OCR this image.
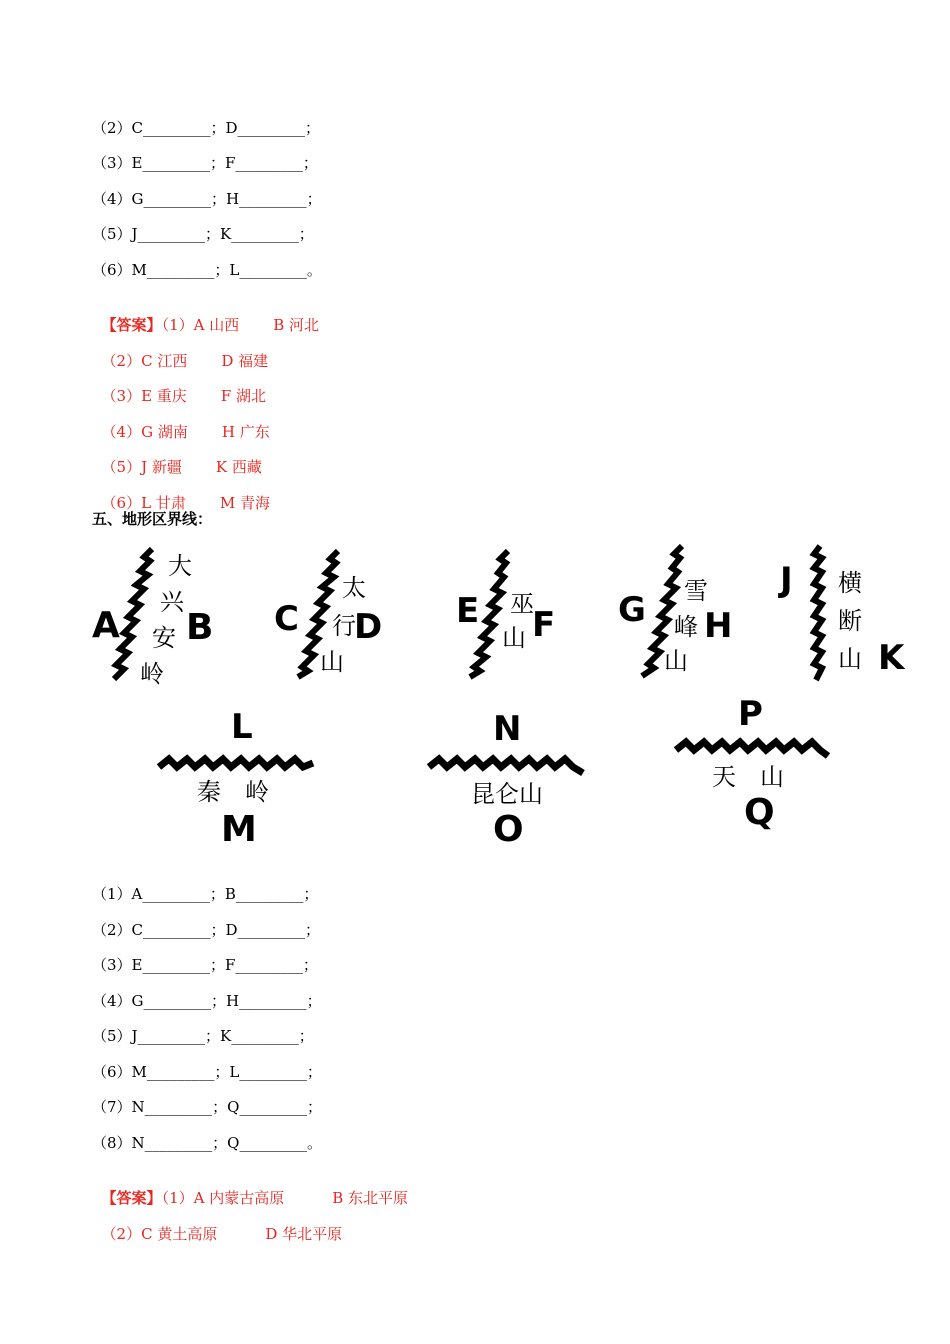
（2）C_________；D_________；
（3）E_________；F_________；
（4）G_________；H_________；
（5）J_________；K_________；
（6）M_________；L_________。

【答案】（1）A 山西 B 河北

（2）C 江西 D 福建

（3）E 重庆 F 湖北

（4）G 湖南 H 广东

（5）J 新疆 K 西藏

（6）L 甘肃 M 青海

五、地形区界线：
A B
大
兴
安
岭
C D
太
行
山
E F
巫
山
G H
雪
峰
山
J
K
横
断
山
L
秦　岭
M
N
昆仑山
O
P
天　山
Q
（1）A_________；B_________；
（2）C_________；D_________；
（3）E_________；F_________；
（4）G_________；H_________；
（5）J_________；K_________；
（6）M_________；L_________；
（7）N_________；Q_________；
（8）N_________；Q_________。

【答案】（1）A 内蒙古高原	B 东北平原

（2）C 黄土高原	D 华北平原
